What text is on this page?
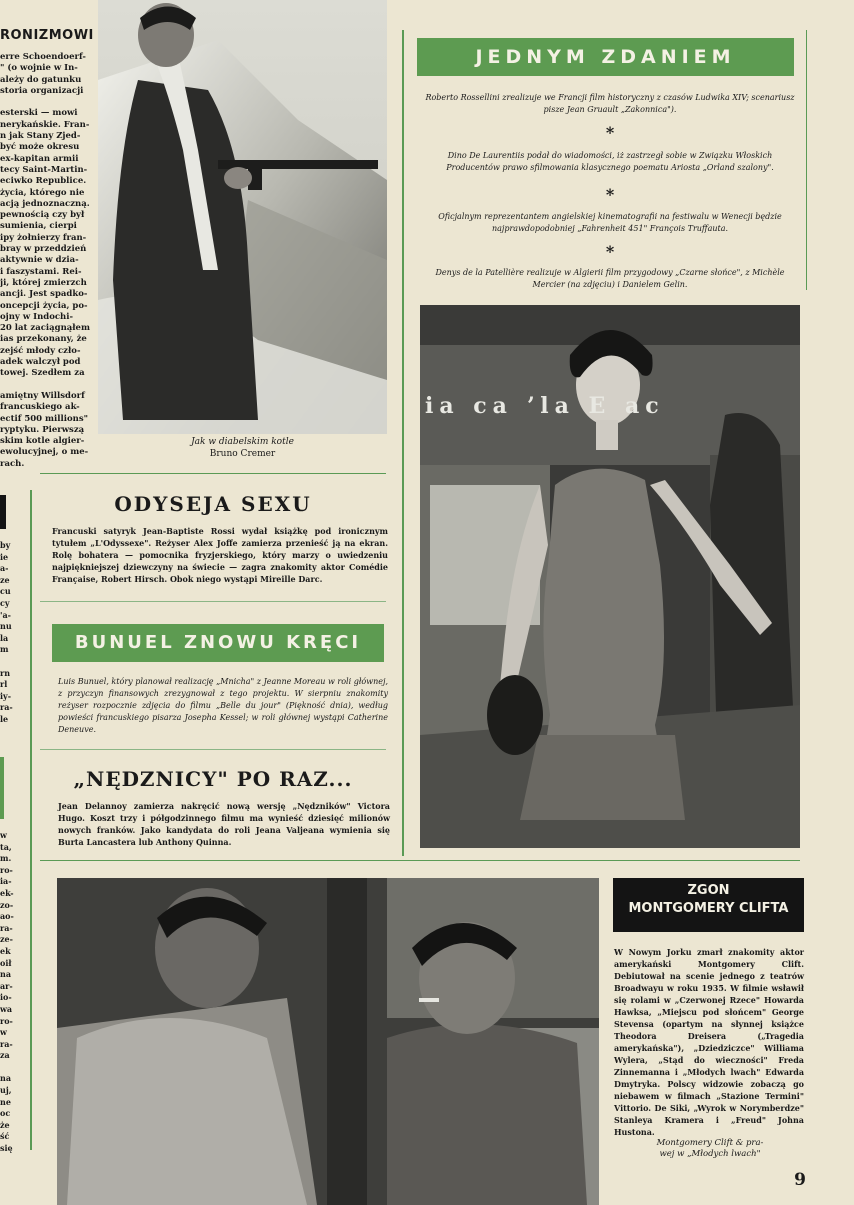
by
ie
a-
ze
cu
cy
'a-
nu
la
m

rn
rl
iy-
ra-
le
w
ta,
m.
ro-
ia-
ek-
zo-
ao-
ra-
ze-
ek
oił
na
ar-
io-
wa
ro-
w
ra-
za

na
uj,
ne
oc
że
ść
się
RONIZMOWI
erre Schoendoerf-
" (o wojnie w In-
ależy do gatunku
storia organizacji

esterski — mowi
nerykańskie. Fran-
n jak Stany Zjed-
być może okresu
ex-kapitan armii
tecy Saint-Martin-
eciwko Republice.
życia, którego nie
acją jednoznaczną.
pewnością czy był
sumienia, cierpi
ipy żołnierzy fran-
bray w przeddzień
aktywnie w dzia-
i faszystami. Rei-
ji, której zmierzch
ancji. Jest spadko-
oncepcji życia, po-
ojny w Indochi-
20 lat zaciągnąłem
ias przekonany, że
zejść młody czło-
adek walczył pod
towej. Szedłem za

amiętny Willsdorf
francuskiego ak-
ectif 500 millions"
ryptyku. Pierwszą
skim kotle algier-
ewolucyjnej, o me-
rach.
Jak w diabelskim kotle
Bruno Cremer
JEDNYM ZDANIEM
Roberto Rossellini zrealizuje we Francji film historyczny z czasów Ludwika XIV; scenariusz pisze Jean Gruault „Zakonnica").
*
Dino De Laurentiis podał do wiadomości, iż zastrzegł sobie w Związku Włoskich Producentów prawo sfilmowania klasycznego poematu Ariosta „Orland szalony".
*
Oficjalnym reprezentantem angielskiej kinematografii na festiwalu w Wenecji będzie najprawdopodobniej „Fahrenheit 451" François Truffauta.
*
Denys de la Patellière realizuje w Algierii film przygodowy „Czarne słońce", z Michèle Mercier (na zdjęciu) i Danielem Gelin.
ia ca ʼla E ac
ODYSEJA SEXU
Francuski satyryk Jean-Baptiste Rossi wydał książkę pod ironicznym tytułem „L'Odyssexe". Reżyser Alex Joffe zamierza przenieść ją na ekran. Rolę bohatera — pomocnika fryzjerskiego, który marzy o uwiedzeniu najpiękniejszej dziewczyny na świecie — zagra znakomity aktor Comédie Française, Robert Hirsch. Obok niego wystąpi Mireille Darc.
BUNUEL ZNOWU KRĘCI
Luis Bunuel, który planował realizację „Mnicha" z Jeanne Moreau w roli głównej, z przyczyn finansowych zrezygnował z tego projektu. W sierpniu znakomity reżyser rozpocznie zdjęcia do filmu „Belle du jour" (Piękność dnia), według powieści francuskiego pisarza Josepha Kessel; w roli głównej wystąpi Catherine Deneuve.
„NĘDZNICY" PO RAZ...
Jean Delannoy zamierza nakręcić nową wersję „Nędzników" Victora Hugo. Koszt trzy i półgodzinnego filmu ma wynieść dziesięć milionów nowych franków. Jako kandydata do roli Jeana Valjeana wymienia się Burta Lancastera lub Anthony Quinna.
ZGON
MONTGOMERY CLIFTA
W Nowym Jorku zmarł znakomity aktor amerykański Montgomery Clift. Debiutował na scenie jednego z teatrów Broadwayu w roku 1935. W filmie wsławił się rolami w „Czerwonej Rzece" Howarda Hawksa, „Miejscu pod słońcem" George Stevensa (opartym na słynnej książce Theodora Dreisera („Tragedia amerykańska"), „Dziedziczce" Williama Wylera, „Stąd do wieczności" Freda Zinnemanna i „Młodych lwach" Edwarda Dmytryka. Polscy widzowie zobaczą go niebawem w filmach „Stazione Termini" Vittorio. De Siki, „Wyrok w Norymberdze" Stanleya Kramera i „Freud" Johna Hustona.
Montgomery Clift & pra-
wej w „Młodych lwach"
9
